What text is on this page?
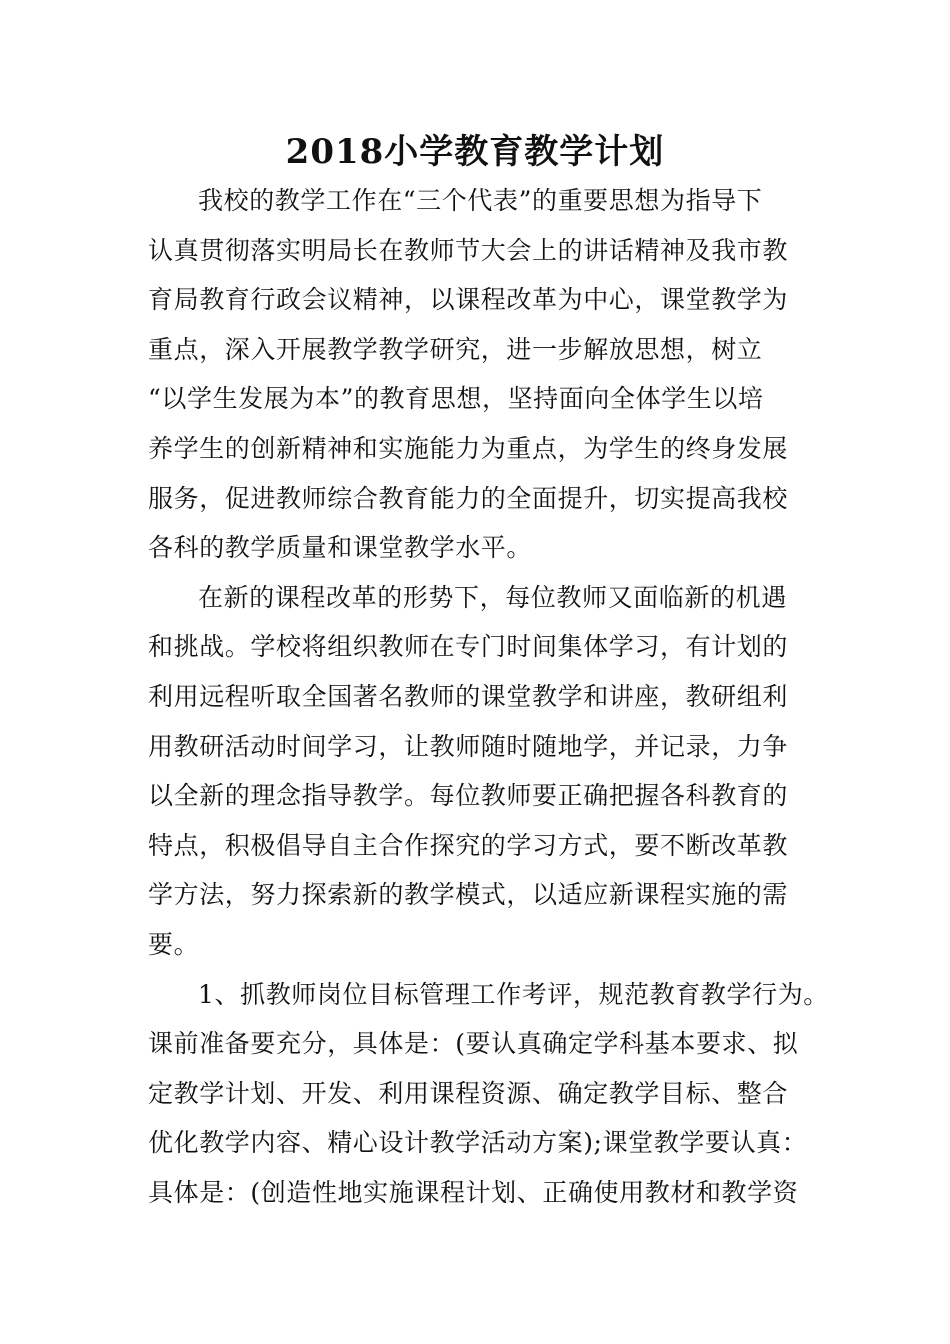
2018小学教育教学计划
我校的教学工作在“三个代表”的重要思想为指导下
认真贯彻落实明局长在教师节大会上的讲话精神及我市教
育局教育行政会议精神，以课程改革为中心，课堂教学为
重点，深入开展教学教学研究，进一步解放思想，树立
“以学生发展为本”的教育思想，坚持面向全体学生以培
养学生的创新精神和实施能力为重点，为学生的终身发展
服务，促进教师综合教育能力的全面提升，切实提高我校
各科的教学质量和课堂教学水平。
在新的课程改革的形势下，每位教师又面临新的机遇
和挑战。学校将组织教师在专门时间集体学习，有计划的
利用远程听取全国著名教师的课堂教学和讲座，教研组利
用教研活动时间学习，让教师随时随地学，并记录，力争
以全新的理念指导教学。每位教师要正确把握各科教育的
特点，积极倡导自主合作探究的学习方式，要不断改革教
学方法，努力探索新的教学模式，以适应新课程实施的需
要。
1、抓教师岗位目标管理工作考评，规范教育教学行为。
课前准备要充分，具体是：(要认真确定学科基本要求、拟
定教学计划、开发、利用课程资源、确定教学目标、整合
优化教学内容、精心设计教学活动方案);课堂教学要认真：
具体是：(创造性地实施课程计划、正确使用教材和教学资
